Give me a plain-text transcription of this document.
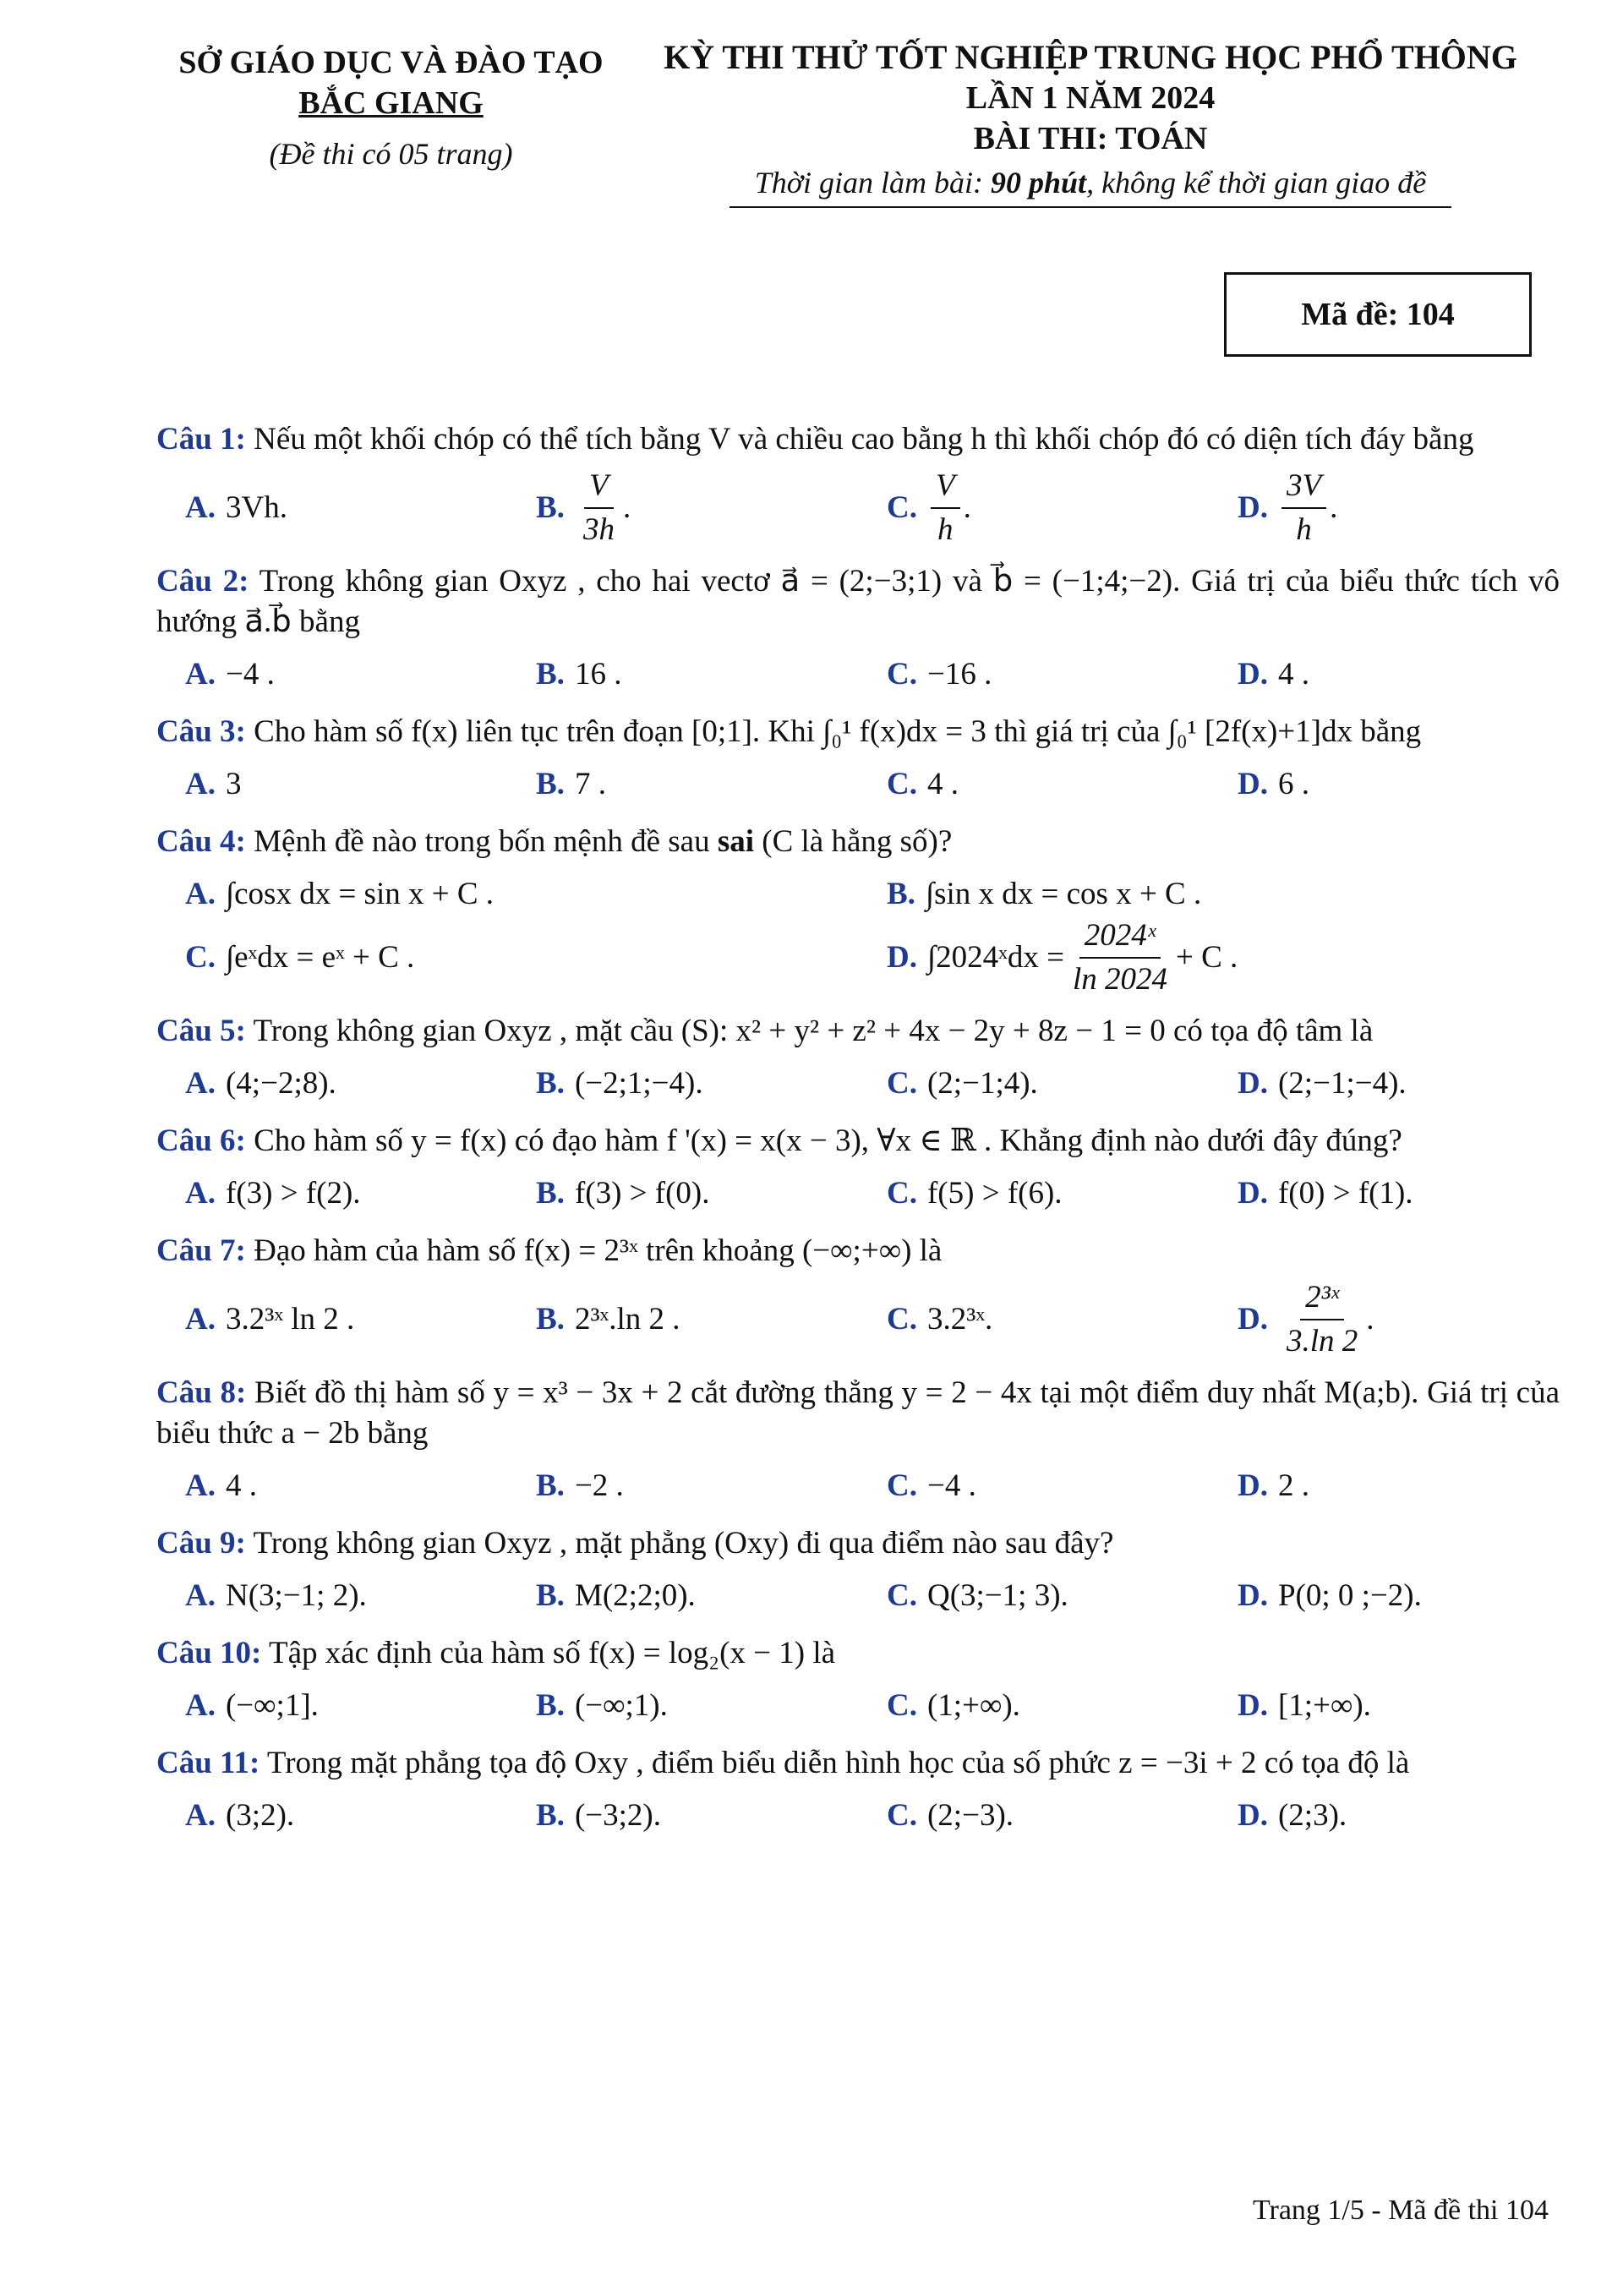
SỞ GIÁO DỤC VÀ ĐÀO TẠO
BẮC GIANG
(Đề thi có 05 trang)
KỲ THI THỬ TỐT NGHIỆP TRUNG HỌC PHỔ THÔNG
LẦN 1 NĂM 2024
BÀI THI: TOÁN
Thời gian làm bài: 90 phút, không kể thời gian giao đề
Mã đề: 104
Câu 1: Nếu một khối chóp có thể tích bằng V và chiều cao bằng h thì khối chóp đó có diện tích đáy bằng
A. 3Vh.	B. $\frac{V}{3h}$ .	C. $\frac{V}{h}$ .	D. $\frac{3V}{h}$ .
Câu 2: Trong không gian Oxyz , cho hai vectơ a⃗ = (2;−3;1) và b⃗ = (−1;4;−2). Giá trị của biểu thức tích vô hướng a⃗.b⃗ bằng
A. −4 .	B. 16 .	C. −16 .	D. 4 .
Câu 3: Cho hàm số f(x) liên tục trên đoạn [0;1]. Khi ∫₀¹ f(x)dx = 3 thì giá trị của ∫₀¹ [2f(x)+1]dx bằng
A. 3	B. 7 .	C. 4 .	D. 6 .
Câu 4: Mệnh đề nào trong bốn mệnh đề sau sai (C là hằng số)?
A. ∫cosx dx = sin x + C .	B. ∫sin x dx = cos x + C .
C. ∫eˣdx = eˣ + C .	D. ∫2024ˣdx = $\frac{\text{2024ˣ}}{\ln 2024} + C$ .
Câu 5: Trong không gian Oxyz , mặt cầu (S): x² + y² + z² + 4x − 2y + 8z − 1 = 0 có tọa độ tâm là
A. (4;−2;8).	B. (−2;1;−4).	C. (2;−1;4).	D. (2;−1;−4).
Câu 6: Cho hàm số y = f(x) có đạo hàm f '(x) = x(x − 3), ∀x ∈ ℝ . Khẳng định nào dưới đây đúng?
A. f(3) > f(2).	B. f(3) > f(0).	C. f(5) > f(6).	D. f(0) > f(1).
Câu 7: Đạo hàm của hàm số f(x) = 2³ˣ trên khoảng (−∞;+∞) là
A. 3.2³ˣ ln 2 .	B. 2³ˣ.ln 2 .	C. 3.2³ˣ.	D. $\frac{\text{2³ˣ}}{3.\ln 2}$ .
Câu 8: Biết đồ thị hàm số y = x³ − 3x + 2 cắt đường thẳng y = 2 − 4x tại một điểm duy nhất M(a;b). Giá trị của biểu thức a − 2b bằng
A. 4 .	B. −2 .	C. −4 .	D. 2 .
Câu 9: Trong không gian Oxyz , mặt phẳng (Oxy) đi qua điểm nào sau đây?
A. N(3;−1; 2).	B. M(2;2;0).	C. Q(3;−1; 3).	D. P(0; 0 ;−2).
Câu 10: Tập xác định của hàm số f(x) = log₂(x − 1) là
A. (−∞;1].	B. (−∞;1).	C. (1;+∞).	D. [1;+∞).
Câu 11: Trong mặt phẳng tọa độ Oxy , điểm biểu diễn hình học của số phức z = −3i + 2 có tọa độ là
A. (3;2).	B. (−3;2).	C. (2;−3).	D. (2;3).
Trang 1/5 - Mã đề thi 104
